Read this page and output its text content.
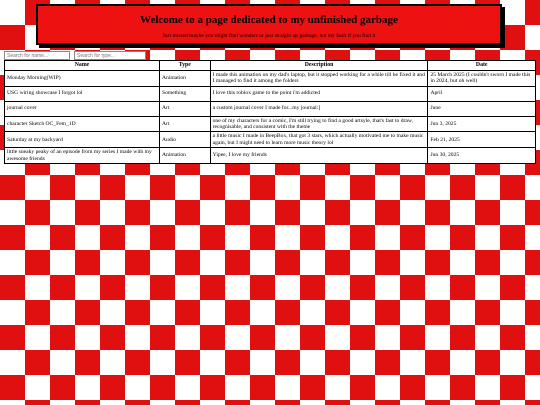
Welcome to a page dedicated to my unfinished garbage

Just missed maybe you might find wonders or just straight up garbage, not my fault if you find it

Search for name...
Search for type...
Name	Type	Description	Date
Monday Morning(WIP)	Animation	I made this animation on my dad's laptop, but it stopped working for a while till he fixed it and I managed to find it among the folders	25 March 2025 (I couldn't sworn I made this in 2024, but oh well)
USG wiring showcase I forgot lol	Something	I love this roblox game to the point i'm addicted	April
journal cover	Art	a custom journal cover I made for...my journal:]	June
character Sketch OC_Fem_1D	Art	one of my characters for a comic, I'm still trying to find a good artsyle, that's fast to draw, recognisable, and consistent with the theme	Jun 3, 2025
Saturday at my backyard	Audio	a little music I made in BeepBox, that got 3 stars, which actually motivated me to make music again, but I might need to learn more music theory lol	Feb 21, 2025
little sneaky peaky of an episode from my series I made with my awesome friends	Animation	Yipee, I love my friends	Jun 30, 2025
